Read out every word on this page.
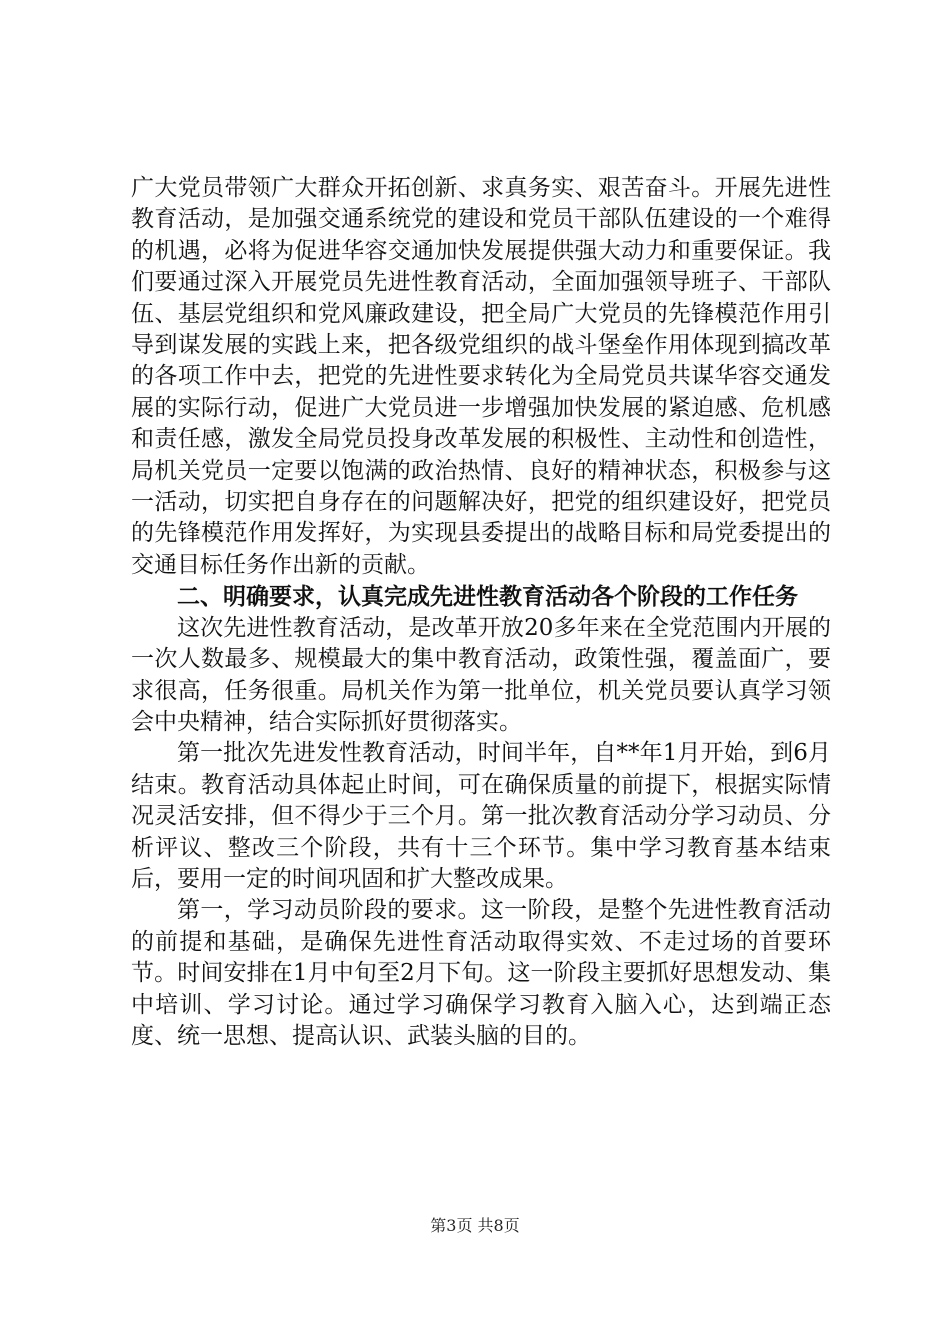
广大党员带领广大群众开拓创新、求真务实、艰苦奋斗。开展先进性教育活动，是加强交通系统党的建设和党员干部队伍建设的一个难得的机遇，必将为促进华容交通加快发展提供强大动力和重要保证。我们要通过深入开展党员先进性教育活动，全面加强领导班子、干部队伍、基层党组织和党风廉政建设，把全局广大党员的先锋模范作用引导到谋发展的实践上来，把各级党组织的战斗堡垒作用体现到搞改革的各项工作中去，把党的先进性要求转化为全局党员共谋华容交通发展的实际行动，促进广大党员进一步增强加快发展的紧迫感、危机感和责任感，激发全局党员投身改革发展的积极性、主动性和创造性，局机关党员一定要以饱满的政治热情、良好的精神状态，积极参与这一活动，切实把自身存在的问题解决好，把党的组织建设好，把党员的先锋模范作用发挥好，为实现县委提出的战略目标和局党委提出的交通目标任务作出新的贡献。

二、明确要求，认真完成先进性教育活动各个阶段的工作任务

这次先进性教育活动，是改革开放20多年来在全党范围内开展的一次人数最多、规模最大的集中教育活动，政策性强，覆盖面广，要求很高，任务很重。局机关作为第一批单位，机关党员要认真学习领会中央精神，结合实际抓好贯彻落实。

第一批次先进发性教育活动，时间半年，自**年1月开始，到6月结束。教育活动具体起止时间，可在确保质量的前提下，根据实际情况灵活安排，但不得少于三个月。第一批次教育活动分学习动员、分析评议、整改三个阶段，共有十三个环节。集中学习教育基本结束后，要用一定的时间巩固和扩大整改成果。

第一，学习动员阶段的要求。这一阶段，是整个先进性教育活动的前提和基础，是确保先进性育活动取得实效、不走过场的首要环节。时间安排在1月中旬至2月下旬。这一阶段主要抓好思想发动、集中培训、学习讨论。通过学习确保学习教育入脑入心，达到端正态度、统一思想、提高认识、武装头脑的目的。

第3页 共8页
